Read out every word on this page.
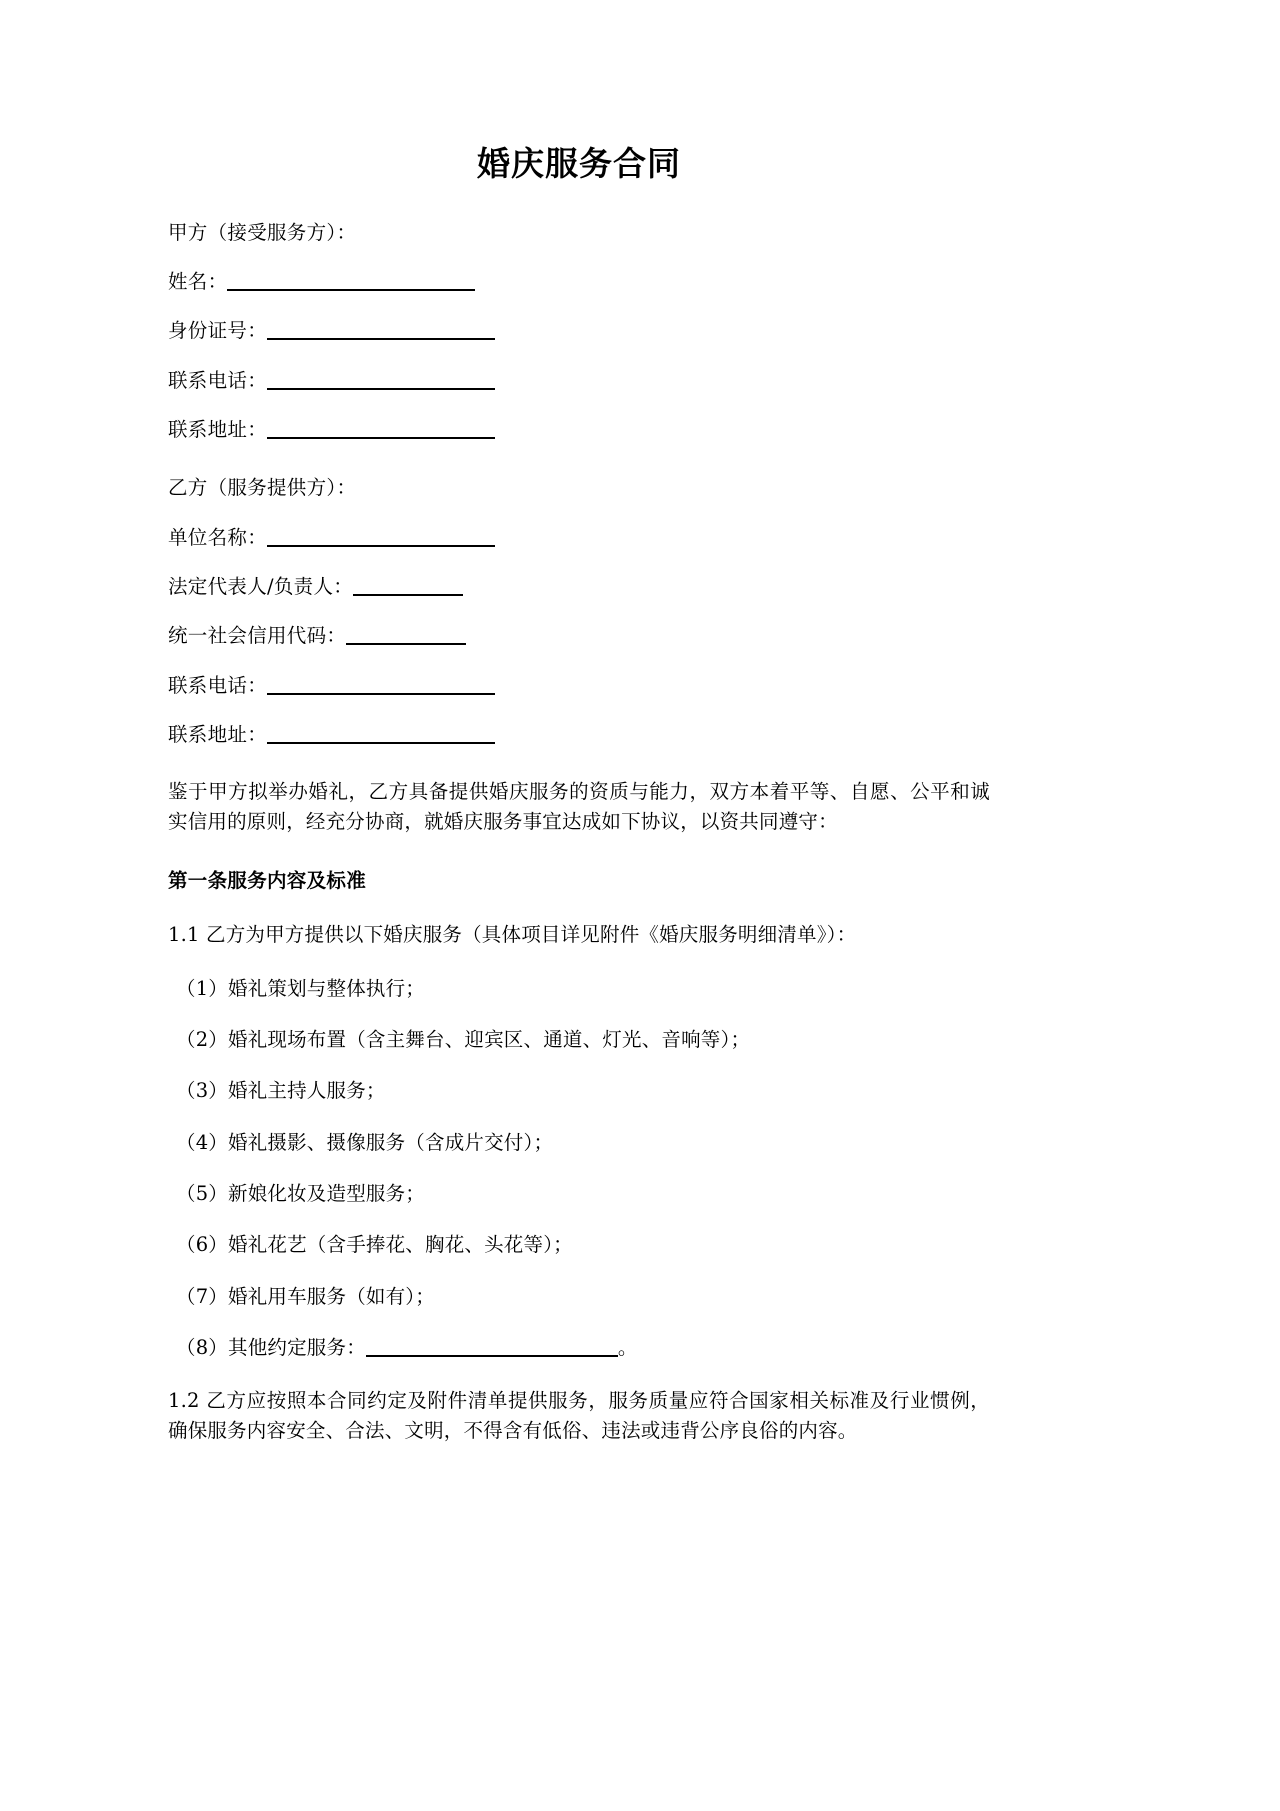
婚庆服务合同

甲方（接受服务方）：

姓名：

身份证号：

联系电话：

联系地址：

乙方（服务提供方）：

单位名称：

法定代表人/负责人：

统一社会信用代码：

联系电话：

联系地址：

鉴于甲方拟举办婚礼，乙方具备提供婚庆服务的资质与能力，双方本着平等、自愿、公平和诚实信用的原则，经充分协商，就婚庆服务事宜达成如下协议，以资共同遵守：

第一条服务内容及标准

1.1 乙方为甲方提供以下婚庆服务（具体项目详见附件《婚庆服务明细清单》）：

（1）婚礼策划与整体执行；

（2）婚礼现场布置（含主舞台、迎宾区、通道、灯光、音响等）；

（3）婚礼主持人服务；

（4）婚礼摄影、摄像服务（含成片交付）；

（5）新娘化妆及造型服务；

（6）婚礼花艺（含手捧花、胸花、头花等）；

（7）婚礼用车服务（如有）；

（8）其他约定服务：	。

1.2 乙方应按照本合同约定及附件清单提供服务，服务质量应符合国家相关标准及行业惯例，确保服务内容安全、合法、文明，不得含有低俗、违法或违背公序良俗的内容。
